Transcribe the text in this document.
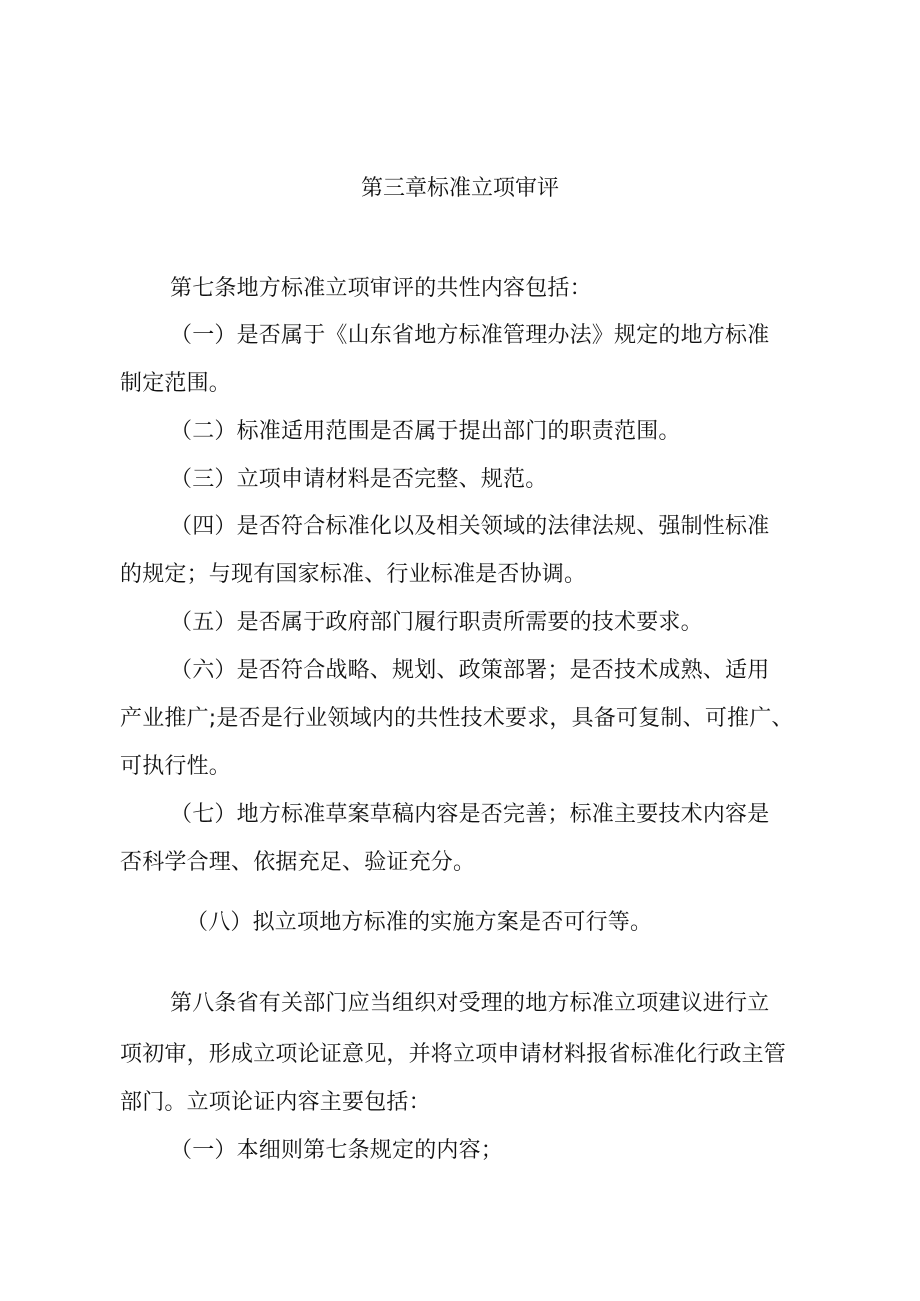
第三章标准立项审评
第七条地方标准立项审评的共性内容包括：
（一）是否属于《山东省地方标准管理办法》规定的地方标准
制定范围。
（二）标准适用范围是否属于提出部门的职责范围。
（三）立项申请材料是否完整、规范。
（四）是否符合标准化以及相关领域的法律法规、强制性标准
的规定；与现有国家标准、行业标准是否协调。
（五）是否属于政府部门履行职责所需要的技术要求。
（六）是否符合战略、规划、政策部署；是否技术成熟、适用
产业推广;是否是行业领域内的共性技术要求，具备可复制、可推广、
可执行性。
（七）地方标准草案草稿内容是否完善；标准主要技术内容是
否科学合理、依据充足、验证充分。
（八）拟立项地方标准的实施方案是否可行等。
第八条省有关部门应当组织对受理的地方标准立项建议进行立
项初审，形成立项论证意见，并将立项申请材料报省标准化行政主管
部门。立项论证内容主要包括：
（一）本细则第七条规定的内容；
